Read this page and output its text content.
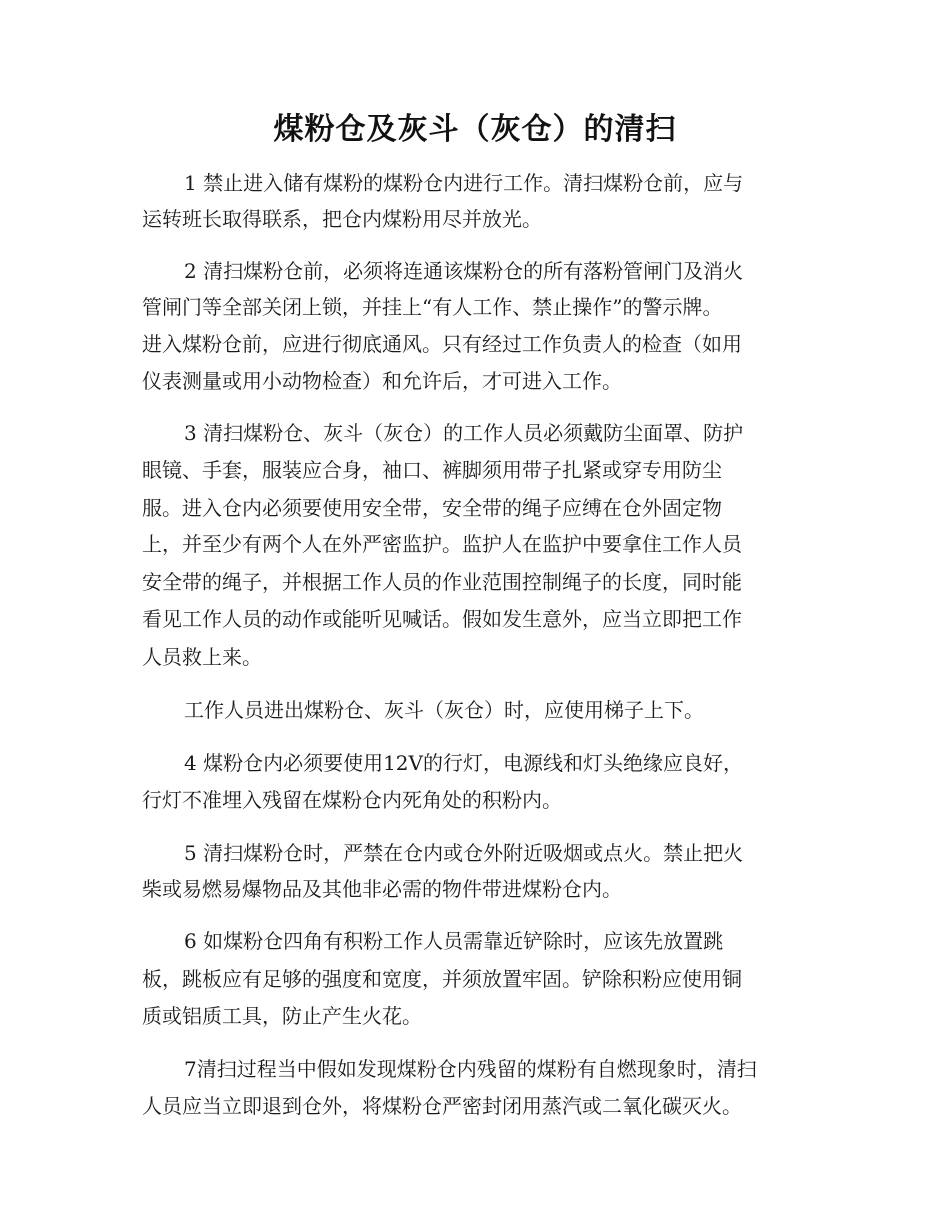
煤粉仓及灰斗（灰仓）的清扫
1 禁止进入储有煤粉的煤粉仓内进行工作。清扫煤粉仓前，应与
运转班长取得联系，把仓内煤粉用尽并放光。
2 清扫煤粉仓前，必须将连通该煤粉仓的所有落粉管闸门及消火
管闸门等全部关闭上锁，并挂上“有人工作、禁止操作”的警示牌。
进入煤粉仓前，应进行彻底通风。只有经过工作负责人的检查（如用
仪表测量或用小动物检查）和允许后，才可进入工作。
3 清扫煤粉仓、灰斗（灰仓）的工作人员必须戴防尘面罩、防护
眼镜、手套，服装应合身，袖口、裤脚须用带子扎紧或穿专用防尘
服。进入仓内必须要使用安全带，安全带的绳子应缚在仓外固定物
上，并至少有两个人在外严密监护。监护人在监护中要拿住工作人员
安全带的绳子，并根据工作人员的作业范围控制绳子的长度，同时能
看见工作人员的动作或能听见喊话。假如发生意外，应当立即把工作
人员救上来。
工作人员进出煤粉仓、灰斗（灰仓）时，应使用梯子上下。
4 煤粉仓内必须要使用12V的行灯，电源线和灯头绝缘应良好，
行灯不准埋入残留在煤粉仓内死角处的积粉内。
5 清扫煤粉仓时，严禁在仓内或仓外附近吸烟或点火。禁止把火
柴或易燃易爆物品及其他非必需的物件带进煤粉仓内。
6 如煤粉仓四角有积粉工作人员需靠近铲除时，应该先放置跳
板，跳板应有足够的强度和宽度，并须放置牢固。铲除积粉应使用铜
质或铝质工具，防止产生火花。
7清扫过程当中假如发现煤粉仓内残留的煤粉有自燃现象时，清扫
人员应当立即退到仓外，将煤粉仓严密封闭用蒸汽或二氧化碳灭火。
